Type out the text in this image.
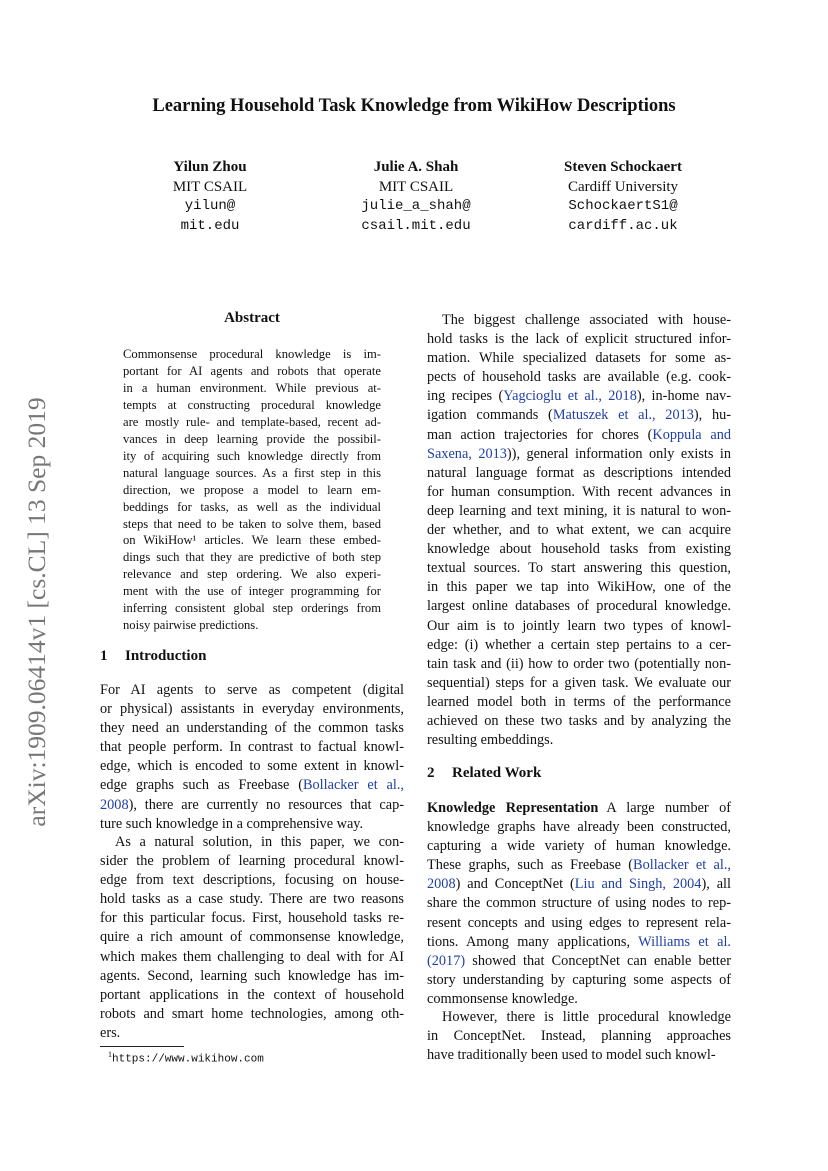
Learning Household Task Knowledge from WikiHow Descriptions
Yilun Zhou
MIT CSAIL
yilun@
mit.edu
Julie A. Shah
MIT CSAIL
julie_a_shah@
csail.mit.edu
Steven Schockaert
Cardiff University
SchockaertS1@
cardiff.ac.uk
arXiv:1909.06414v1 [cs.CL] 13 Sep 2019
Abstract
Commonsense procedural knowledge is im-
portant for AI agents and robots that operate
in a human environment. While previous at-
tempts at constructing procedural knowledge
are mostly rule- and template-based, recent ad-
vances in deep learning provide the possibil-
ity of acquiring such knowledge directly from
natural language sources. As a first step in this
direction, we propose a model to learn em-
beddings for tasks, as well as the individual
steps that need to be taken to solve them, based
on WikiHow¹ articles. We learn these embed-
dings such that they are predictive of both step
relevance and step ordering. We also experi-
ment with the use of integer programming for
inferring consistent global step orderings from
noisy pairwise predictions.
1 Introduction
For AI agents to serve as competent (digital
or physical) assistants in everyday environments,
they need an understanding of the common tasks
that people perform. In contrast to factual knowl-
edge, which is encoded to some extent in knowl-
edge graphs such as Freebase (Bollacker et al.,
2008), there are currently no resources that cap-
ture such knowledge in a comprehensive way.
As a natural solution, in this paper, we con-
sider the problem of learning procedural knowl-
edge from text descriptions, focusing on house-
hold tasks as a case study. There are two reasons
for this particular focus. First, household tasks re-
quire a rich amount of commonsense knowledge,
which makes them challenging to deal with for AI
agents. Second, learning such knowledge has im-
portant applications in the context of household
robots and smart home technologies, among oth-
ers.
The biggest challenge associated with house-
hold tasks is the lack of explicit structured infor-
mation. While specialized datasets for some as-
pects of household tasks are available (e.g. cook-
ing recipes (Yagcioglu et al., 2018), in-home nav-
igation commands (Matuszek et al., 2013), hu-
man action trajectories for chores (Koppula and
Saxena, 2013)), general information only exists in
natural language format as descriptions intended
for human consumption. With recent advances in
deep learning and text mining, it is natural to won-
der whether, and to what extent, we can acquire
knowledge about household tasks from existing
textual sources. To start answering this question,
in this paper we tap into WikiHow, one of the
largest online databases of procedural knowledge.
Our aim is to jointly learn two types of knowl-
edge: (i) whether a certain step pertains to a cer-
tain task and (ii) how to order two (potentially non-
sequential) steps for a given task. We evaluate our
learned model both in terms of the performance
achieved on these two tasks and by analyzing the
resulting embeddings.
2 Related Work
Knowledge Representation A large number of
knowledge graphs have already been constructed,
capturing a wide variety of human knowledge.
These graphs, such as Freebase (Bollacker et al.,
2008) and ConceptNet (Liu and Singh, 2004), all
share the common structure of using nodes to rep-
resent concepts and using edges to represent rela-
tions. Among many applications, Williams et al.
(2017) showed that ConceptNet can enable better
story understanding by capturing some aspects of
commonsense knowledge.
However, there is little procedural knowledge
in ConceptNet. Instead, planning approaches
have traditionally been used to model such knowl-
$^1$https://www.wikihow.com
